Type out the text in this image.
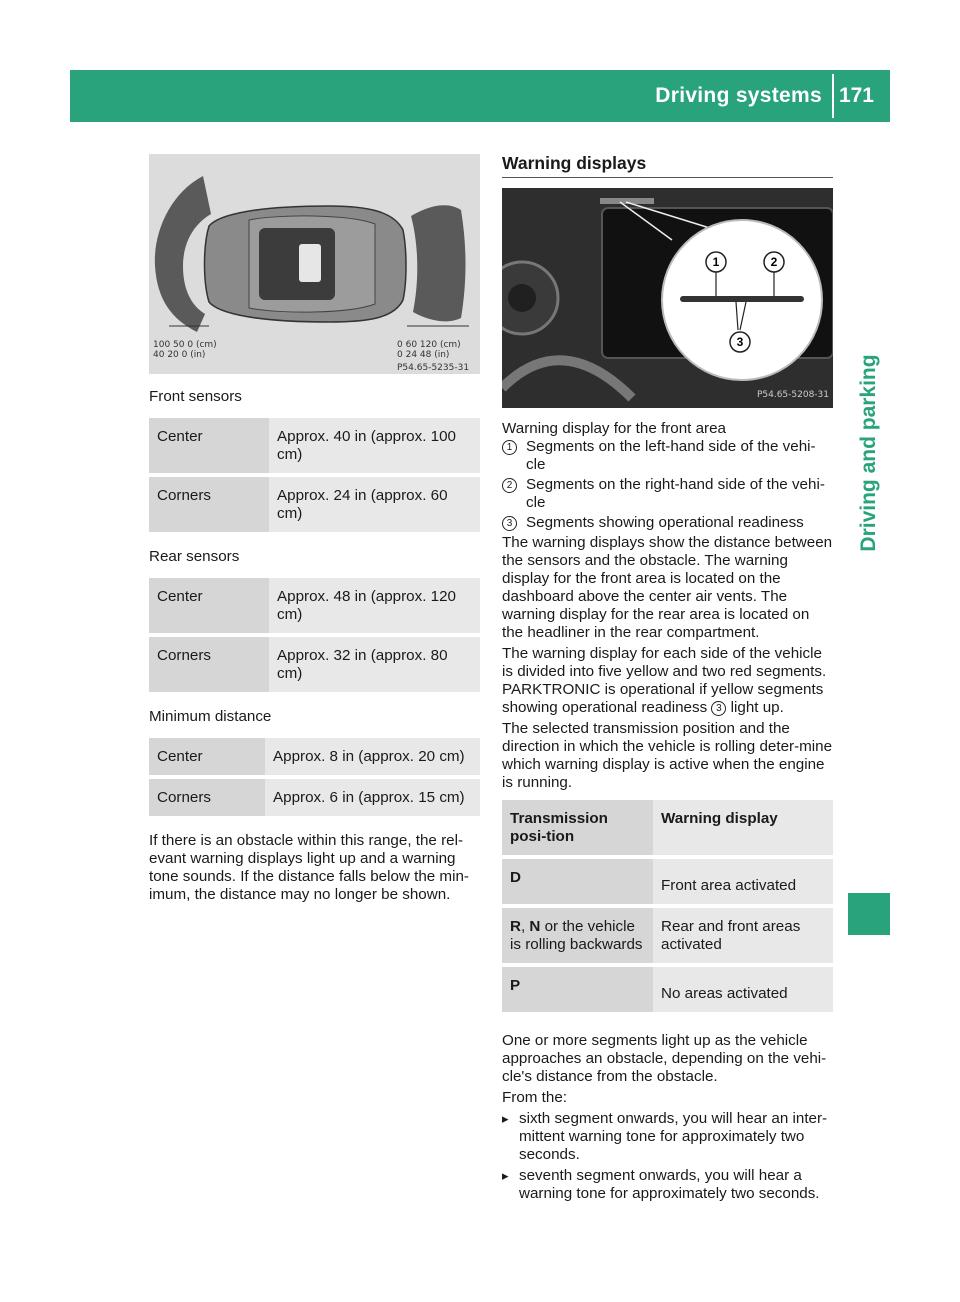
Driving systems 171
Driving and parking
100 50 0 (cm)
40 20 0 (in)
0 60 120 (cm)
0 24 48 (in)
P54.65-5235-31
Front sensors
Center	Approx. 40 in (approx. 100 cm)
Corners	Approx. 24 in (approx. 60 cm)
Rear sensors
Center	Approx. 48 in (approx. 120 cm)
Corners	Approx. 32 in (approx. 80 cm)
Minimum distance
Center	Approx. 8 in (approx. 20 cm)
Corners	Approx. 6 in (approx. 15 cm)

If there is an obstacle within this range, the rel-evant warning displays light up and a warning tone sounds. If the distance falls below the min-imum, the distance may no longer be shown.

Warning displays
1	2
3
P54.65-5208-31
Warning display for the front area
1 Segments on the left-hand side of the vehi-cle
2 Segments on the right-hand side of the vehi-cle
3 Segments showing operational readiness

The warning displays show the distance between the sensors and the obstacle. The warning display for the front area is located on the dashboard above the center air vents. The warning display for the rear area is located on the headliner in the rear compartment.

The warning display for each side of the vehicle is divided into five yellow and two red segments. PARKTRONIC is operational if yellow segments showing operational readiness 3 light up.

The selected transmission position and the direction in which the vehicle is rolling deter-mine which warning display is active when the engine is running.

Transmission posi-tion	Warning display
D	Front area activated
R, N or the vehicle is rolling backwards	Rear and front areas activated
P	No areas activated

One or more segments light up as the vehicle approaches an obstacle, depending on the vehi-cle's distance from the obstacle.

From the:

▸ sixth segment onwards, you will hear an inter-mittent warning tone for approximately two seconds.
▸ seventh segment onwards, you will hear a warning tone for approximately two seconds.
